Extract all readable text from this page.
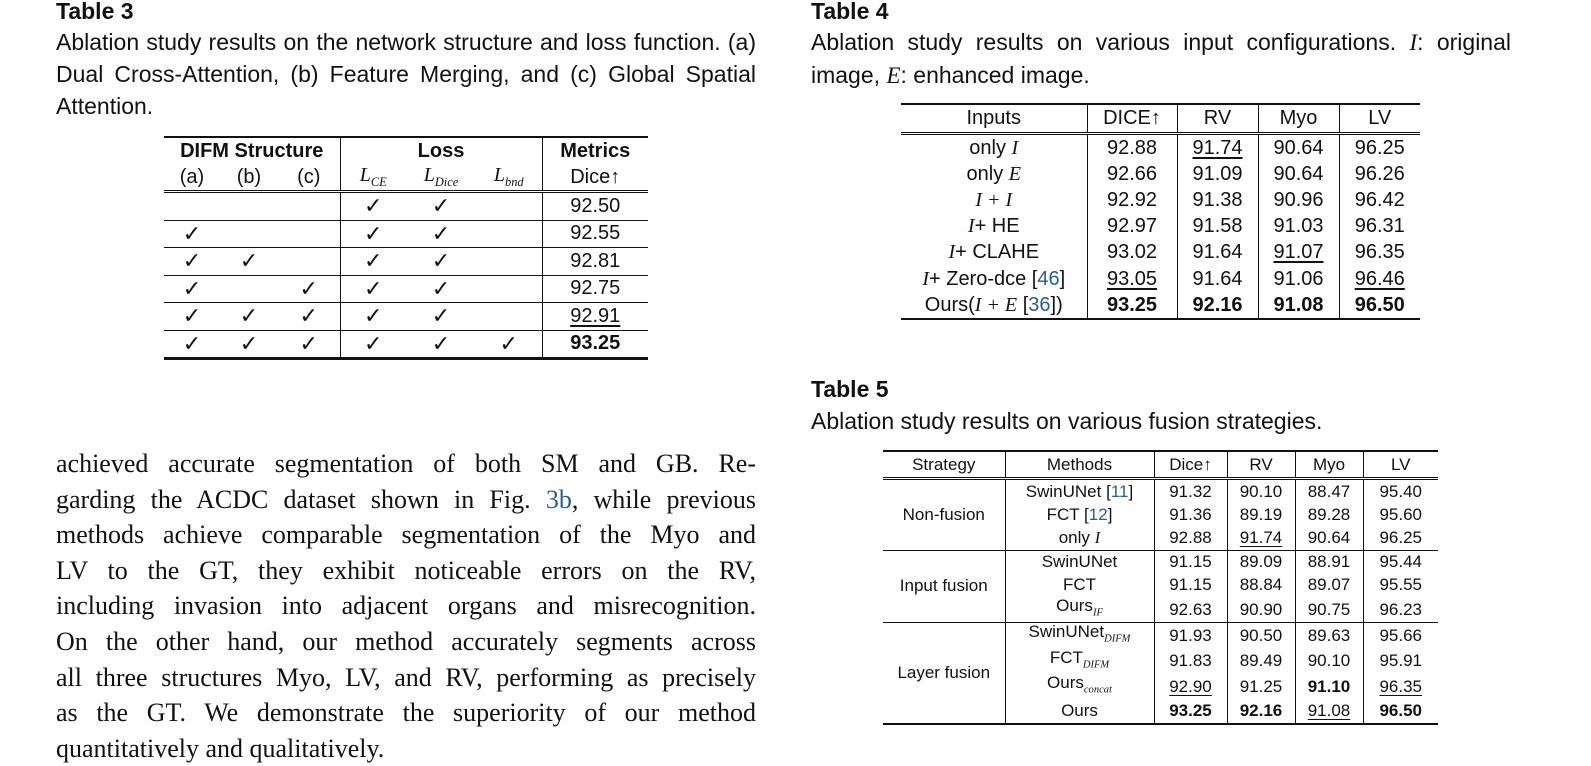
Table 3
Ablation study results on the network structure and loss function. (a) Dual Cross-Attention, (b) Feature Merging, and (c) Global Spatial Attention.
DIFM Structure			Loss			Metrics
(a)	(b)	(c)	$L_{CE}$	$L_{Dice}$	$L_{bnd}$	Dice↑
			✓	✓		92.50
✓			✓	✓		92.55
✓	✓		✓	✓		92.81
✓		✓	✓	✓		92.75
✓	✓	✓	✓	✓		92.91
✓	✓	✓	✓	✓	✓	93.25
Table 4
Ablation study results on various input configurations. I: original image, E: enhanced image.
Inputs	DICE↑	RV	Myo	LV
only I	92.88	91.74	90.64	96.25
only E	92.66	91.09	90.64	96.26
I + I	92.92	91.38	90.96	96.42
I+ HE	92.97	91.58	91.03	96.31
I+ CLAHE	93.02	91.64	91.07	96.35
I+ Zero-dce [46]	93.05	91.64	91.06	96.46
Ours(I + E [36])	93.25	92.16	91.08	96.50
Table 5
Ablation study results on various fusion strategies.
Strategy	Methods	Dice↑	RV	Myo	LV
Non-fusion	SwinUNet [11]	91.32	90.10	88.47	95.40
	FCT [12]	91.36	89.19	89.28	95.60
	only I	92.88	91.74	90.64	96.25
Input fusion	SwinUNet	91.15	89.09	88.91	95.44
	FCT	91.15	88.84	89.07	95.55
	Ours$_{IF}$	92.63	90.90	90.75	96.23
Layer fusion	SwinUNet$_{DIFM}$	91.93	90.50	89.63	95.66
	$FCT_{DIFM}$	91.83	89.49	90.10	95.91
	Ours$_{concat}$	92.90	91.25	91.10	96.35
	Ours	93.25	92.16	91.08	96.50
achieved accurate segmentation of both SM and GB. Re-
garding the ACDC dataset shown in Fig. 3b, while previous
methods achieve comparable segmentation of the Myo and
LV to the GT, they exhibit noticeable errors on the RV,
including invasion into adjacent organs and misrecognition.
On the other hand, our method accurately segments across
all three structures Myo, LV, and RV, performing as precisely
as the GT. We demonstrate the superiority of our method
quantitatively and qualitatively.
